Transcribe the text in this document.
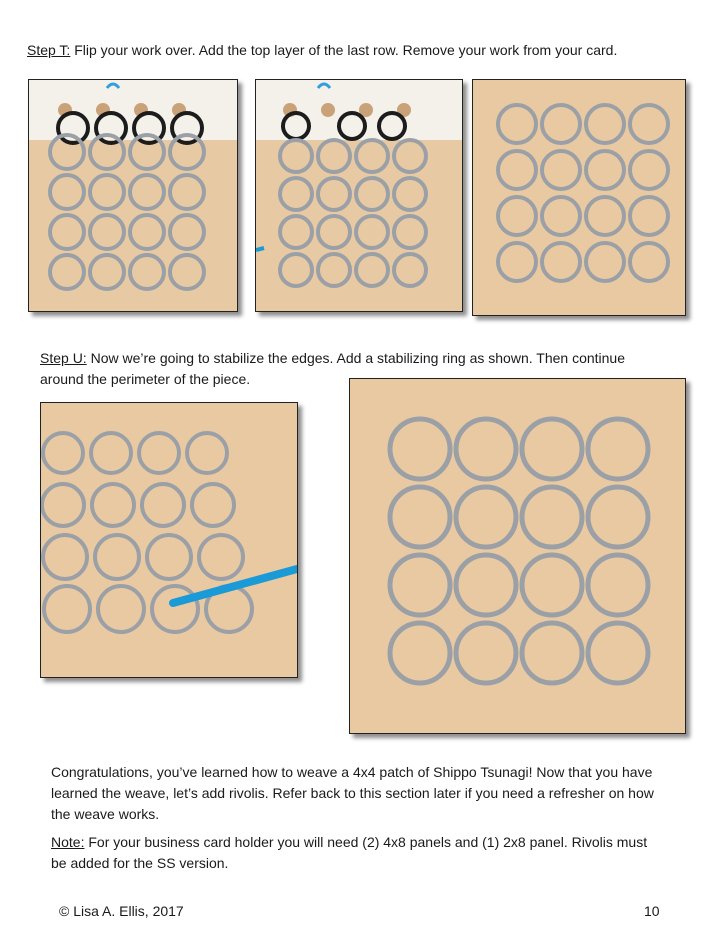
Step T: Flip your work over. Add the top layer of the last row. Remove your work from your card.
Step U: Now we’re going to stabilize the edges. Add a stabilizing ring as shown. Then continue
around the perimeter of the piece.
Congratulations, you’ve learned how to weave a 4x4 patch of Shippo Tsunagi! Now that you have
learned the weave, let’s add rivolis. Refer back to this section later if you need a refresher on how
the weave works.
Note: For your business card holder you will need (2) 4x8 panels and (1) 2x8 panel. Rivolis must
be added for the SS version.
© Lisa A. Ellis, 2017	10
